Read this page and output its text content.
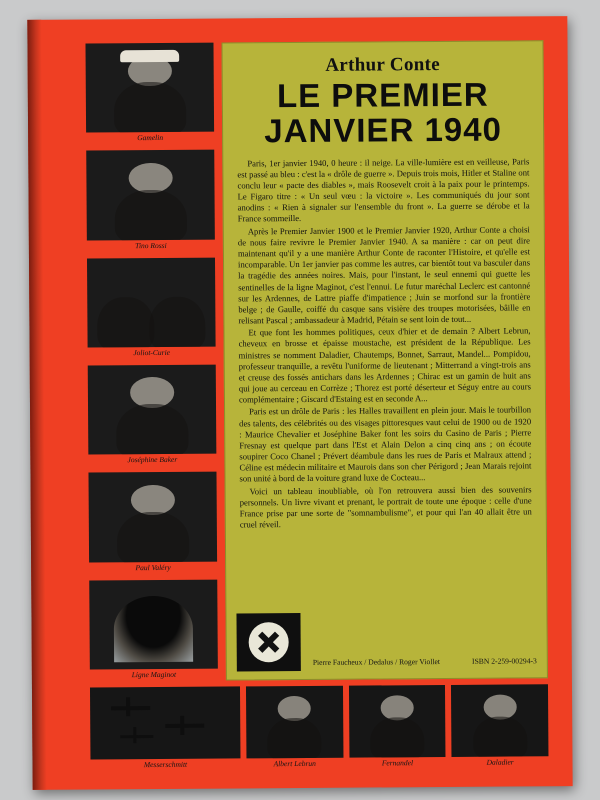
Gamelin
Tino Rossi
Joliot-Curie
Joséphine Baker
Paul Valéry
Ligne Maginot
Arthur Conte
LE PREMIER
JANVIER 1940

Paris, 1er janvier 1940, 0 heure : il neige. La ville-lumière est en veilleuse, Paris est passé au bleu : c'est la « drôle de guerre ». Depuis trois mois, Hitler et Staline ont conclu leur « pacte des diables », mais Roosevelt croit à la paix pour le printemps. Le Figaro titre : « Un seul vœu : la victoire ». Les communiqués du jour sont anodins : « Rien à signaler sur l'ensemble du front ». La guerre se dérobe et la France sommeille.

Après le Premier Janvier 1900 et le Premier Janvier 1920, Arthur Conte a choisi de nous faire revivre le Premier Janvier 1940. A sa manière : car on peut dire maintenant qu'il y a une manière Arthur Conte de raconter l'Histoire, et qu'elle est incomparable. Un 1er janvier pas comme les autres, car bientôt tout va basculer dans la tragédie des années noires. Mais, pour l'instant, le seul ennemi qui guette les sentinelles de la ligne Maginot, c'est l'ennui. Le futur maréchal Leclerc est cantonné sur les Ardennes, de Lattre piaffe d'impatience ; Juin se morfond sur la frontière belge ; de Gaulle, coiffé du casque sans visière des troupes motorisées, bâille en relisant Pascal ; ambassadeur à Madrid, Pétain se sent loin de tout...

Et que font les hommes politiques, ceux d'hier et de demain ? Albert Lebrun, cheveux en brosse et épaisse moustache, est président de la République. Les ministres se nomment Daladier, Chautemps, Bonnet, Sarraut, Mandel... Pompidou, professeur tranquille, a revêtu l'uniforme de lieutenant ; Mitterrand a vingt-trois ans et creuse des fossés antichars dans les Ardennes ; Chirac est un gamin de huit ans qui joue au cerceau en Corrèze ; Thorez est porté déserteur et Séguy entre au cours complémentaire ; Giscard d'Estaing est en seconde A...

Paris est un drôle de Paris : les Halles travaillent en plein jour. Mais le tourbillon des talents, des célébrités ou des visages pittoresques vaut celui de 1900 ou de 1920 : Maurice Chevalier et Joséphine Baker font les soirs du Casino de Paris ; Pierre Fresnay est quelque part dans l'Est et Alain Delon a cinq cinq ans ; on écoute soupirer Coco Chanel ; Prévert déambule dans les rues de Paris et Malraux attend ; Céline est médecin militaire et Maurois dans son cher Périgord ; Jean Marais rejoint son unité à bord de la voiture grand luxe de Cocteau...

Voici un tableau inoubliable, où l'on retrouvera aussi bien des souvenirs personnels. Un livre vivant et prenant, le portrait de toute une époque : celle d'une France prise par une sorte de "somnambulisme", et pour qui l'an 40 allait être un cruel réveil.

Pierre Faucheux / Dedalus / Roger Viollet	ISBN 2-259-00294-3
Messerschmitt	Albert Lebrun	Fernandel	Daladier
